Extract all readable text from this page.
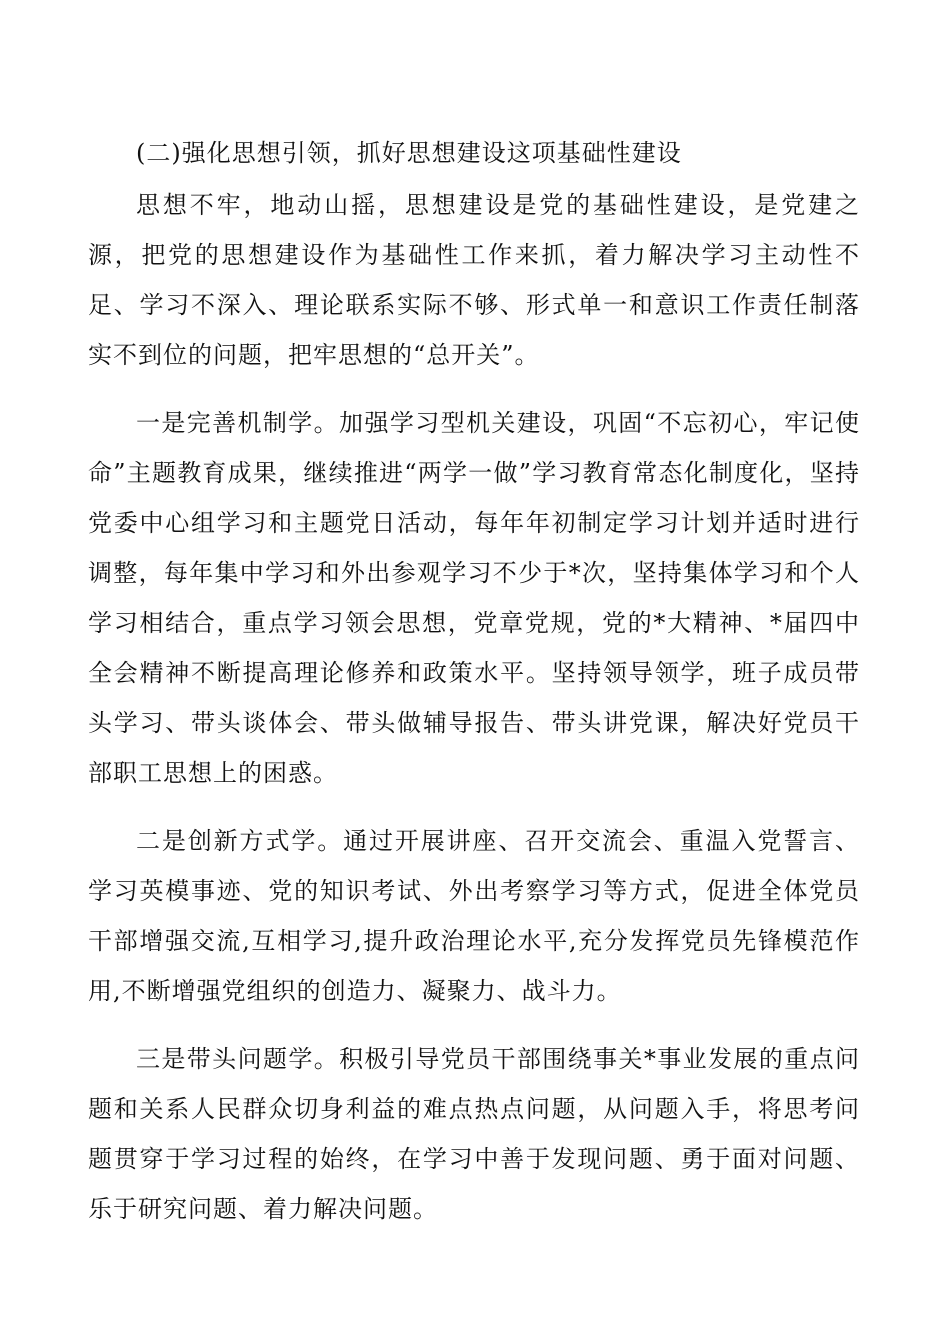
(二)强化思想引领，抓好思想建设这项基础性建设

思想不牢，地动山摇，思想建设是党的基础性建设，是党建之源，把党的思想建设作为基础性工作来抓，着力解决学习主动性不足、学习不深入、理论联系实际不够、形式单一和意识工作责任制落实不到位的问题，把牢思想的“总开关”。

一是完善机制学。加强学习型机关建设，巩固“不忘初心，牢记使命”主题教育成果，继续推进“两学一做”学习教育常态化制度化，坚持党委中心组学习和主题党日活动，每年年初制定学习计划并适时进行调整，每年集中学习和外出参观学习不少于*次，坚持集体学习和个人学习相结合，重点学习领会思想，党章党规，党的*大精神、*届四中全会精神不断提高理论修养和政策水平。坚持领导领学，班子成员带头学习、带头谈体会、带头做辅导报告、带头讲党课，解决好党员干部职工思想上的困惑。

二是创新方式学。通过开展讲座、召开交流会、重温入党誓言、学习英模事迹、党的知识考试、外出考察学习等方式，促进全体党员干部增强交流,互相学习,提升政治理论水平,充分发挥党员先锋模范作用,不断增强党组织的创造力、凝聚力、战斗力。

三是带头问题学。积极引导党员干部围绕事关*事业发展的重点问题和关系人民群众切身利益的难点热点问题，从问题入手，将思考问题贯穿于学习过程的始终，在学习中善于发现问题、勇于面对问题、乐于研究问题、着力解决问题。
